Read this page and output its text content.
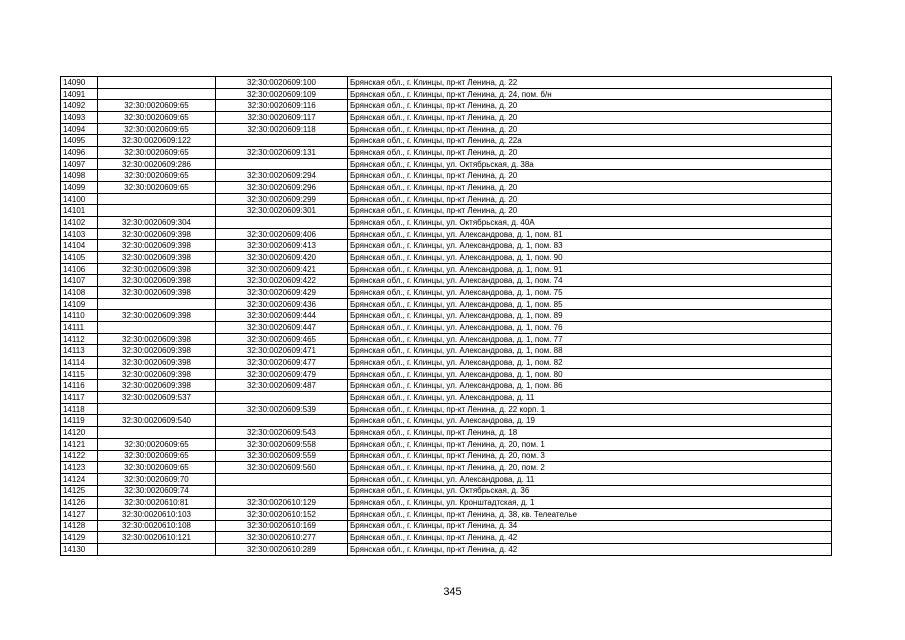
14090		32:30:0020609:100	Брянская обл., г. Клинцы, пр-кт Ленина, д. 22
14091		32:30:0020609:109	Брянская обл., г. Клинцы, пр-кт Ленина, д. 24, пом. б/н
14092	32:30:0020609:65	32:30:0020609:116	Брянская обл., г. Клинцы, пр-кт Ленина, д. 20
14093	32:30:0020609:65	32:30:0020609:117	Брянская обл., г. Клинцы, пр-кт Ленина, д. 20
14094	32:30:0020609:65	32:30:0020609:118	Брянская обл., г. Клинцы, пр-кт Ленина, д. 20
14095	32:30:0020609:122		Брянская обл., г. Клинцы, пр-кт Ленина, д. 22а
14096	32:30:0020609:65	32:30:0020609:131	Брянская обл., г. Клинцы, пр-кт Ленина, д. 20
14097	32:30:0020609:286		Брянская обл., г. Клинцы, ул. Октябрьская, д. 38а
14098	32:30:0020609:65	32:30:0020609:294	Брянская обл., г. Клинцы, пр-кт Ленина, д. 20
14099	32:30:0020609:65	32:30:0020609:296	Брянская обл., г. Клинцы, пр-кт Ленина, д. 20
14100		32:30:0020609:299	Брянская обл., г. Клинцы, пр-кт Ленина, д. 20
14101		32:30:0020609:301	Брянская обл., г. Клинцы, пр-кт Ленина, д. 20
14102	32:30:0020609:304		Брянская обл., г. Клинцы, ул. Октябрьская, д. 40А
14103	32:30:0020609:398	32:30:0020609:406	Брянская обл., г. Клинцы, ул. Александрова, д. 1, пом. 81
14104	32:30:0020609:398	32:30:0020609:413	Брянская обл., г. Клинцы, ул. Александрова, д. 1, пом. 83
14105	32:30:0020609:398	32:30:0020609:420	Брянская обл., г. Клинцы, ул. Александрова, д. 1, пом. 90
14106	32:30:0020609:398	32:30:0020609:421	Брянская обл., г. Клинцы, ул. Александрова, д. 1, пом. 91
14107	32:30:0020609:398	32:30:0020609:422	Брянская обл., г. Клинцы, ул. Александрова, д. 1, пом. 74
14108	32:30:0020609:398	32:30:0020609:429	Брянская обл., г. Клинцы, ул. Александрова, д. 1, пом. 75
14109		32:30:0020609:436	Брянская обл., г. Клинцы, ул. Александрова, д. 1, пом. 85
14110	32:30:0020609:398	32:30:0020609:444	Брянская обл., г. Клинцы, ул. Александрова, д. 1, пом. 89
14111		32:30:0020609:447	Брянская обл., г. Клинцы, ул. Александрова, д. 1, пом. 76
14112	32:30:0020609:398	32:30:0020609:465	Брянская обл., г. Клинцы, ул. Александрова, д. 1, пом. 77
14113	32:30:0020609:398	32:30:0020609:471	Брянская обл., г. Клинцы, ул. Александрова, д. 1, пом. 88
14114	32:30:0020609:398	32:30:0020609:477	Брянская обл., г. Клинцы, ул. Александрова, д. 1, пом. 82
14115	32:30:0020609:398	32:30:0020609:479	Брянская обл., г. Клинцы, ул. Александрова, д. 1, пом. 80
14116	32:30:0020609:398	32:30:0020609:487	Брянская обл., г. Клинцы, ул. Александрова, д. 1, пом. 86
14117	32:30:0020609:537		Брянская обл., г. Клинцы, ул. Александрова, д. 11
14118		32:30:0020609:539	Брянская обл., г. Клинцы, пр-кт Ленина, д. 22 корп. 1
14119	32:30:0020609:540		Брянская обл., г. Клинцы, ул. Александрова, д. 19
14120		32:30:0020609:543	Брянская обл., г. Клинцы, пр-кт Ленина, д. 18
14121	32:30:0020609:65	32:30:0020609:558	Брянская обл., г. Клинцы, пр-кт Ленина, д. 20, пом. 1
14122	32:30:0020609:65	32:30:0020609:559	Брянская обл., г. Клинцы, пр-кт Ленина, д. 20, пом. 3
14123	32:30:0020609:65	32:30:0020609:560	Брянская обл., г. Клинцы, пр-кт Ленина, д. 20, пом. 2
14124	32:30:0020609:70		Брянская обл., г. Клинцы, ул. Александрова, д. 11
14125	32:30:0020609:74		Брянская обл., г. Клинцы, ул. Октябрьская, д. 36
14126	32:30:0020610:81	32:30:0020610:129	Брянская обл., г. Клинцы, ул. Кронштадтская, д. 1
14127	32:30:0020610:103	32:30:0020610:152	Брянская обл., г. Клинцы, пр-кт Ленина, д. 38, кв. Телеателье
14128	32:30:0020610:108	32:30:0020610:169	Брянская обл., г. Клинцы, пр-кт Ленина, д. 34
14129	32:30:0020610:121	32:30:0020610:277	Брянская обл., г. Клинцы, пр-кт Ленина, д. 42
14130		32:30:0020610:289	Брянская обл., г. Клинцы, пр-кт Ленина, д. 42
345
